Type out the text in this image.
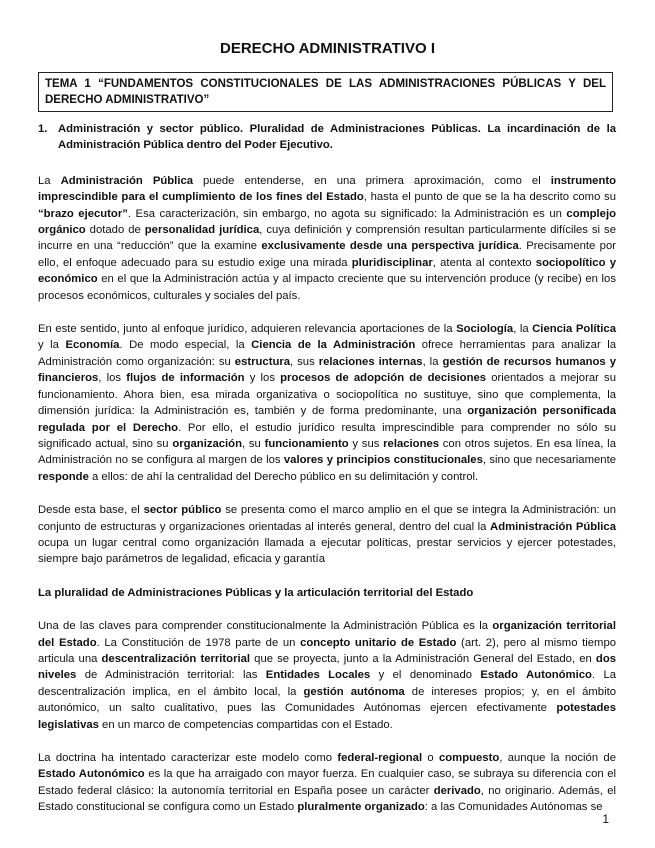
DERECHO ADMINISTRATIVO I
TEMA 1 “FUNDAMENTOS CONSTITUCIONALES DE LAS ADMINISTRACIONES PÚBLICAS Y DEL DERECHO ADMINISTRATIVO”
1. Administración y sector público. Pluralidad de Administraciones Públicas. La incardinación de la Administración Pública dentro del Poder Ejecutivo.

La Administración Pública puede entenderse, en una primera aproximación, como el instrumento imprescindible para el cumplimiento de los fines del Estado, hasta el punto de que se la ha descrito como su “brazo ejecutor”. Esa caracterización, sin embargo, no agota su significado: la Administración es un complejo orgánico dotado de personalidad jurídica, cuya definición y comprensión resultan particularmente difíciles si se incurre en una “reducción” que la examine exclusivamente desde una perspectiva jurídica. Precisamente por ello, el enfoque adecuado para su estudio exige una mirada pluridisciplinar, atenta al contexto sociopolítico y económico en el que la Administración actúa y al impacto creciente que su intervención produce (y recibe) en los procesos económicos, culturales y sociales del país.

En este sentido, junto al enfoque jurídico, adquieren relevancia aportaciones de la Sociología, la Ciencia Política y la Economía. De modo especial, la Ciencia de la Administración ofrece herramientas para analizar la Administración como organización: su estructura, sus relaciones internas, la gestión de recursos humanos y financieros, los flujos de información y los procesos de adopción de decisiones orientados a mejorar su funcionamiento. Ahora bien, esa mirada organizativa o sociopolítica no sustituye, sino que complementa, la dimensión jurídica: la Administración es, también y de forma predominante, una organización personificada regulada por el Derecho. Por ello, el estudio jurídico resulta imprescindible para comprender no sólo su significado actual, sino su organización, su funcionamiento y sus relaciones con otros sujetos. En esa línea, la Administración no se configura al margen de los valores y principios constitucionales, sino que necesariamente responde a ellos: de ahí la centralidad del Derecho público en su delimitación y control.

Desde esta base, el sector público se presenta como el marco amplio en el que se integra la Administración: un conjunto de estructuras y organizaciones orientadas al interés general, dentro del cual la Administración Pública ocupa un lugar central como organización llamada a ejecutar políticas, prestar servicios y ejercer potestades, siempre bajo parámetros de legalidad, eficacia y garantía

La pluralidad de Administraciones Públicas y la articulación territorial del Estado

Una de las claves para comprender constitucionalmente la Administración Pública es la organización territorial del Estado. La Constitución de 1978 parte de un concepto unitario de Estado (art. 2), pero al mismo tiempo articula una descentralización territorial que se proyecta, junto a la Administración General del Estado, en dos niveles de Administración territorial: las Entidades Locales y el denominado Estado Autonómico. La descentralización implica, en el ámbito local, la gestión autónoma de intereses propios; y, en el ámbito autonómico, un salto cualitativo, pues las Comunidades Autónomas ejercen efectivamente potestades legislativas en un marco de competencias compartidas con el Estado.

La doctrina ha intentado caracterizar este modelo como federal-regional o compuesto, aunque la noción de Estado Autonómico es la que ha arraigado con mayor fuerza. En cualquier caso, se subraya su diferencia con el Estado federal clásico: la autonomía territorial en España posee un carácter derivado, no originario. Además, el Estado constitucional se configura como un Estado pluralmente organizado: a las Comunidades Autónomas se

1
